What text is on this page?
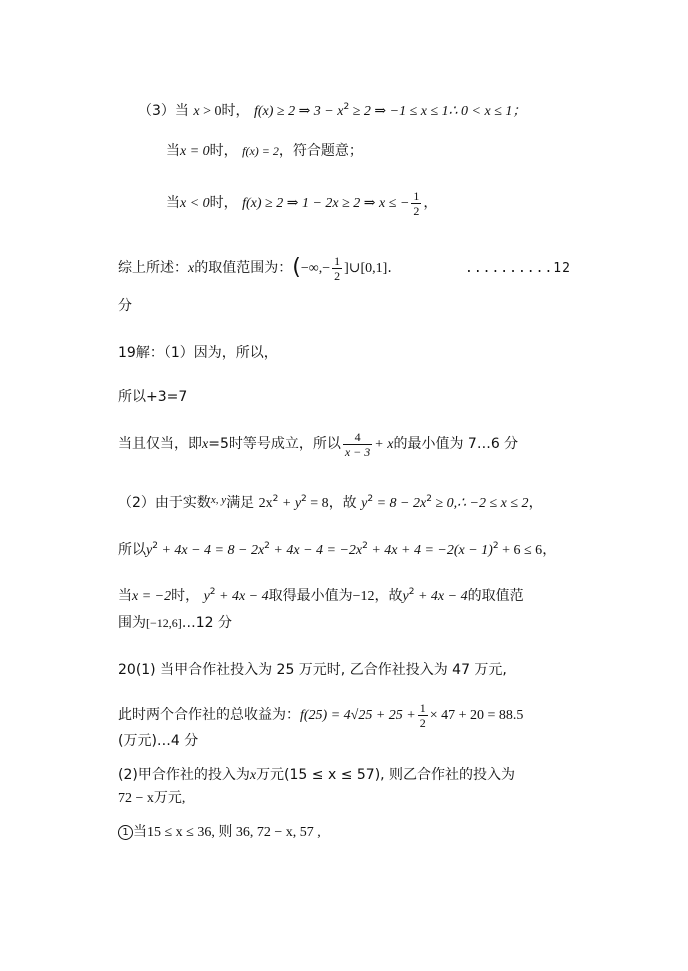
（3）当 x > 0时， f(x) ≥ 2 ⇒ $3 - x^2 \ge 2$ ⇒ −1 ≤ x ≤ 1∴ 0 < x ≤ 1；
当x = 0时， f(x) = 2，符合题意；
当x < 0时， f(x) ≥ 2 ⇒ 1 − 2x ≥ 2 ⇒ x ≤ − $\frac{1}{2}$ ，
综上所述：x的取值范围为：(−∞,− $\frac{1}{2}$ ]∪[0,1].	..........12
分
19解：（1）因为，所以，
所以+3=7
当且仅当，即x=5时等号成立，所以 $\frac{4}{x - 3} + x$的最小值为 7…6 分
（2）由于实数$^{x, y}$满足 $2x^2 + y^2 = 8$，故 $y^2 = 8 - 2x^2$ ≥ 0,∴ −2 ≤ x ≤ 2，
所以$y^2 + 4x - 4 = 8 - 2x^2 + 4x - 4 = -2x^2 + 4x + 4 = -2(x - 1)^2 + 6 \le 6$，
当x = −2时， $y^2 + 4x - 4$取得最小值为−12，故$y^2 + 4x - 4$的取值范
围为[−12,6]…12 分
20(1) 当甲合作社投入为 25 万元时, 乙合作社投入为 47 万元,
此时两个合作社的总收益为：$f(25) = 4√25 + 25 + \frac{1}{2} \times 47 + 20 = 88.5$
(万元)…4 分
(2)甲合作社的投入为x万元(15 ≤ x ≤ 57), 则乙合作社的投入为
72 − x万元,
1 当15 ≤ x ≤ 36, 则 36, 72 − x, 57 ,
